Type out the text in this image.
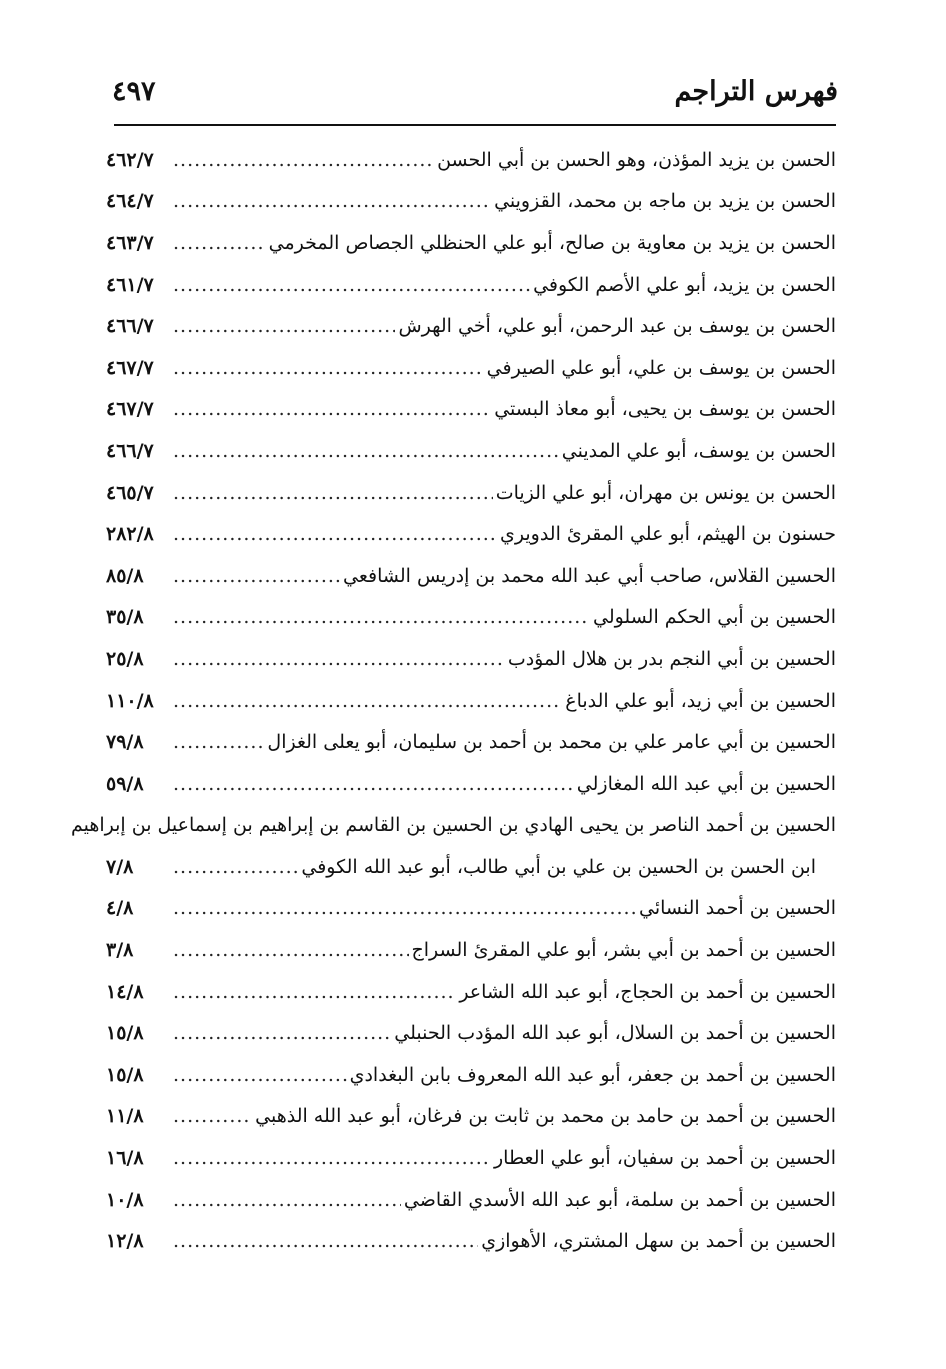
فهرس التراجم
٤٩٧
الحسن بن يزيد المؤذن، وهو الحسن بن أبي الحسن
.....
٤٦٢/٧
الحسن بن يزيد بن ماجه بن محمد، القزويني
.....
٤٦٤/٧
الحسن بن يزيد بن معاوية بن صالح، أبو علي الحنظلي الجصاص المخرمي
.....
٤٦٣/٧
الحسن بن يزيد، أبو علي الأصم الكوفي
.....
٤٦١/٧
الحسن بن يوسف بن عبد الرحمن، أبو علي، أخي الهرش
.....
٤٦٦/٧
الحسن بن يوسف بن علي، أبو علي الصيرفي
.....
٤٦٧/٧
الحسن بن يوسف بن يحيى، أبو معاذ البستي
.....
٤٦٧/٧
الحسن بن يوسف، أبو علي المديني
.....
٤٦٦/٧
الحسن بن يونس بن مهران، أبو علي الزيات
.....
٤٦٥/٧
حسنون بن الهيثم، أبو علي المقرئ الدويري
.....
٢٨٢/٨
الحسين القلاس، صاحب أبي عبد الله محمد بن إدريس الشافعي
.....
٨٥/٨
الحسين بن أبي الحكم السلولي
.....
٣٥/٨
الحسين بن أبي النجم بدر بن هلال المؤدب
.....
٢٥/٨
الحسين بن أبي زيد، أبو علي الدباغ
.....
١١٠/٨
الحسين بن أبي عامر علي بن محمد بن أحمد بن سليمان، أبو يعلى الغزال
.....
٧٩/٨
الحسين بن أبي عبد الله المغازلي
.....
٥٩/٨
الحسين بن أحمد الناصر بن يحيى الهادي بن الحسين بن القاسم بن إبراهيم بن إسماعيل بن إبراهيم
ابن الحسن بن الحسين بن علي بن أبي طالب، أبو عبد الله الكوفي
.....
٧/٨
الحسين بن أحمد النسائي
.....
٤/٨
الحسين بن أحمد بن أبي بشر، أبو علي المقرئ السراج
.....
٣/٨
الحسين بن أحمد بن الحجاج، أبو عبد الله الشاعر
.....
١٤/٨
الحسين بن أحمد بن السلال، أبو عبد الله المؤدب الحنبلي
.....
١٥/٨
الحسين بن أحمد بن جعفر، أبو عبد الله المعروف بابن البغدادي
.....
١٥/٨
الحسين بن أحمد بن حامد بن محمد بن ثابت بن فرغان، أبو عبد الله الذهبي
.....
١١/٨
الحسين بن أحمد بن سفيان، أبو علي العطار
.....
١٦/٨
الحسين بن أحمد بن سلمة، أبو عبد الله الأسدي القاضي
.....
١٠/٨
الحسين بن أحمد بن سهل المشتري، الأهوازي
.....
١٢/٨
